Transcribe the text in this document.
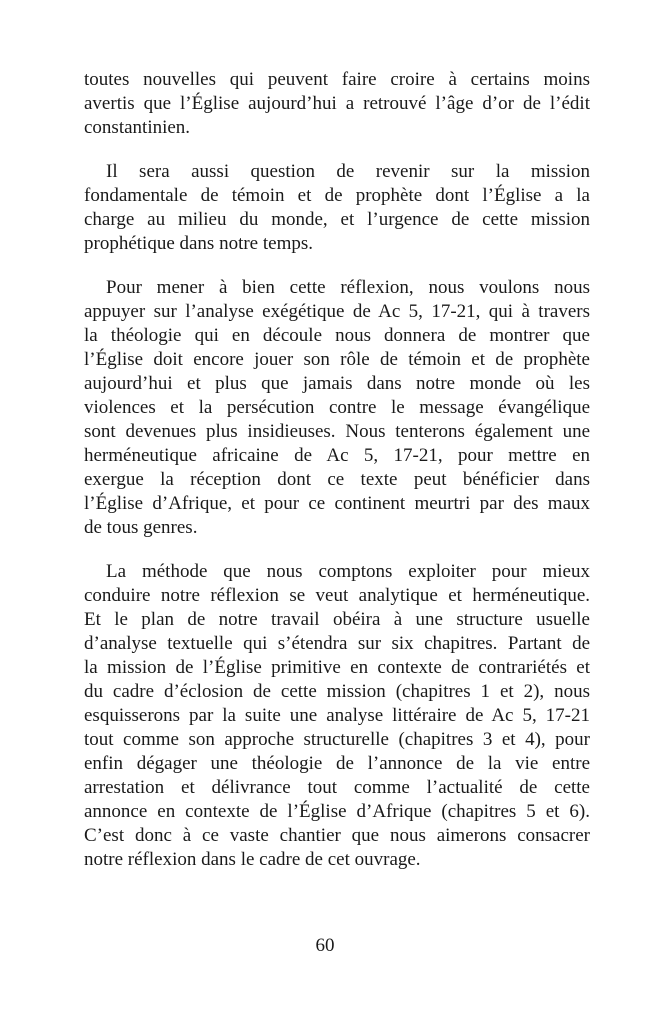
toutes nouvelles qui peuvent faire croire à certains moins
avertis que l’Église aujourd’hui a retrouvé l’âge d’or de l’édit
constantinien.
Il sera aussi question de revenir sur la mission
fondamentale de témoin et de prophète dont l’Église a la
charge au milieu du monde, et l’urgence de cette mission
prophétique dans notre temps.
Pour mener à bien cette réflexion, nous voulons nous
appuyer sur l’analyse exégétique de Ac 5, 17-21, qui à travers
la théologie qui en découle nous donnera de montrer que
l’Église doit encore jouer son rôle de témoin et de prophète
aujourd’hui et plus que jamais dans notre monde où les
violences et la persécution contre le message évangélique
sont devenues plus insidieuses. Nous tenterons également une
herméneutique africaine de Ac 5, 17-21, pour mettre en
exergue la réception dont ce texte peut bénéficier dans
l’Église d’Afrique, et pour ce continent meurtri par des maux
de tous genres.
La méthode que nous comptons exploiter pour mieux
conduire notre réflexion se veut analytique et herméneutique.
Et le plan de notre travail obéira à une structure usuelle
d’analyse textuelle qui s’étendra sur six chapitres. Partant de
la mission de l’Église primitive en contexte de contrariétés et
du cadre d’éclosion de cette mission (chapitres 1 et 2), nous
esquisserons par la suite une analyse littéraire de Ac 5, 17-21
tout comme son approche structurelle (chapitres 3 et 4), pour
enfin dégager une théologie de l’annonce de la vie entre
arrestation et délivrance tout comme l’actualité de cette
annonce en contexte de l’Église d’Afrique (chapitres 5 et 6).
C’est donc à ce vaste chantier que nous aimerons consacrer
notre réflexion dans le cadre de cet ouvrage.
60
